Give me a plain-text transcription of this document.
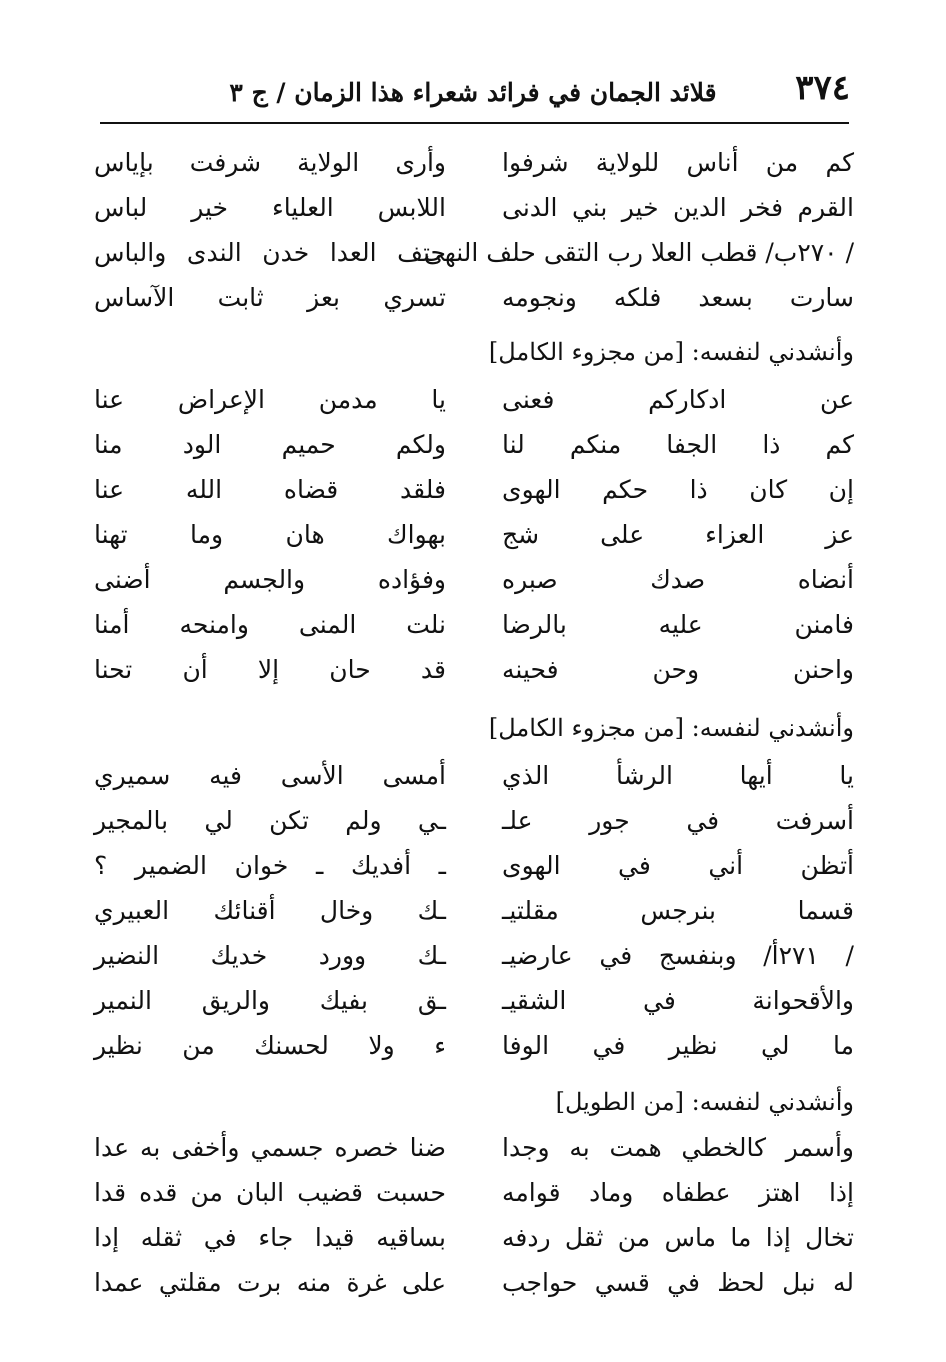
٣٧٤
قلائد الجمان في فرائد شعراء هذا الزمان / ج ٣
كم من أناس للولاية شرفوا
وأرى الولاية شرفت بإياس
القرم فخر الدين خير بني الدنى
اللابس العلياء خير لباس
/ ٢٧٠ب/ قطب العلا رب التقى حلف النهى
حتف العدا خدن الندى والباس
سارت بسعد فلكه ونجومه
تسري بعز ثابت الآساس
وأنشدني لنفسه: [من مجزوء الكامل]
عن ادكاركم فعنى
يا مدمن الإعراض عنا
كم ذا الجفا منكم لنا
ولكم حميم الود منا
إن كان ذا حكم الهوى
فلقد قضاه الله عنا
عز العزاء على شج
بهواك هان وما تهنا
أنضاه صدك صبره
وفؤاده والجسم أضنى
فامنن عليه بالرضا
نلت المنى وامنحه أمنا
واحنن وحن فحينه
قد حان إلا أن تحنا
وأنشدني لنفسه: [من مجزوء الكامل]
يا أيها الرشأ الذي
أمسى الأسى فيه سميري
أسرفت في جور علـ
ـي ولم تكن لي بالمجير
أتظن أني في الهوى
ـ أفديك ـ خوان الضمير ؟
قسما بنرجس مقلتيـ
ـك وخال أقنائك العبيري
/ ٢٧١أ/ وبنفسج في عارضيـ
ـك وورد خديك النضير
والأقحوانة في الشقيـ
ـق بفيك والريق النمير
ما لي نظير في الوفا
ء ولا لحسنك من نظير
وأنشدني لنفسه: [من الطويل]
وأسمر كالخطي همت به وجدا
ضنا خصره جسمي وأخفى به عدا
إذا اهتز عطفاه وماد قوامه
حسبت قضيب البان من قده قدا
تخال إذا ما ماس من ثقل ردفه
بساقيه قيدا جاء في ثقله إدا
له نبل لحظ في قسي حواجب
على غرة منه برت مقلتي عمدا
